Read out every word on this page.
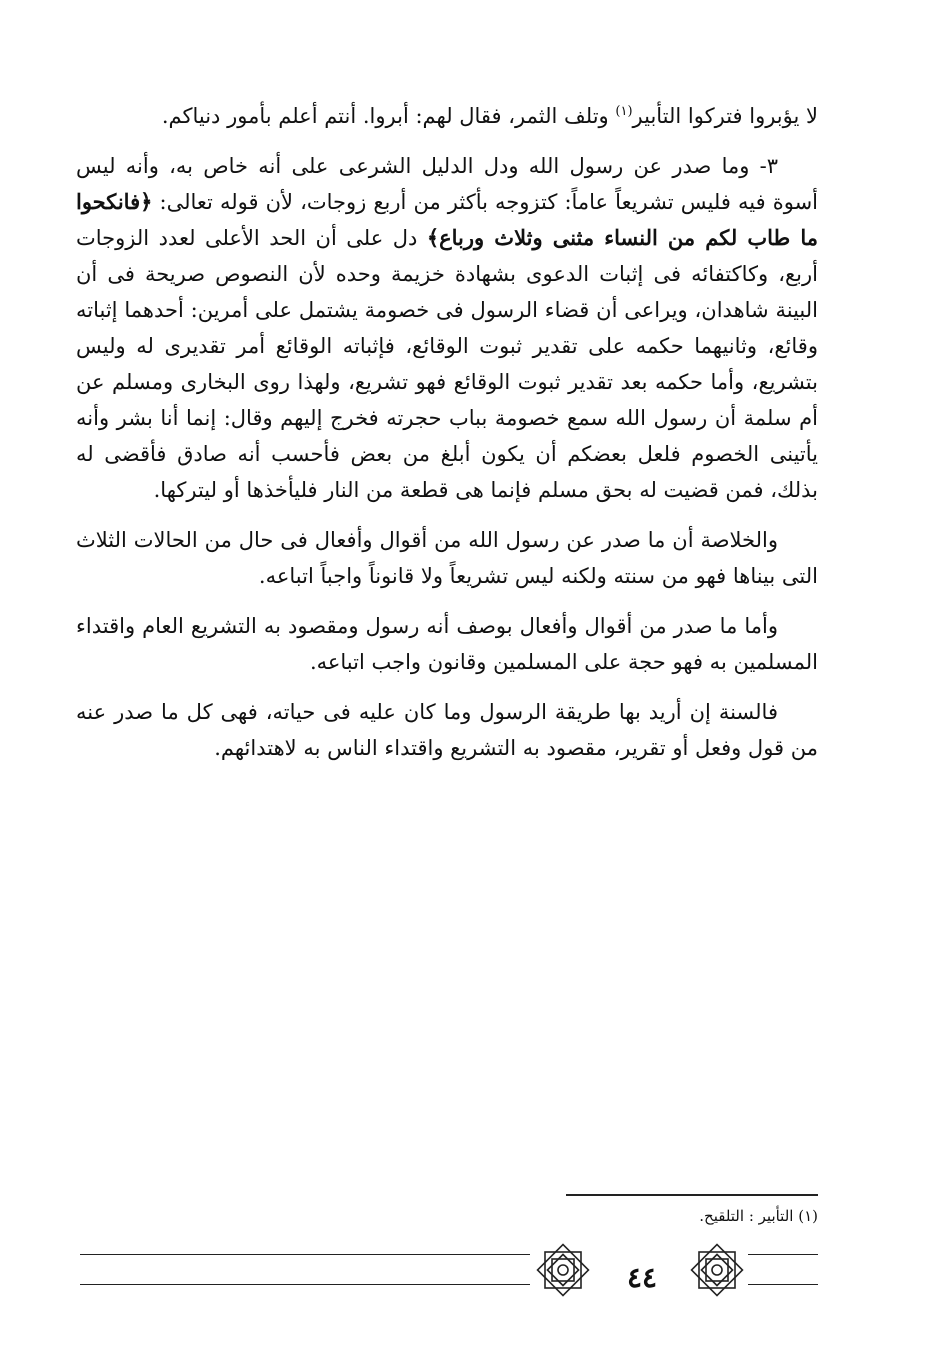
لا يؤبروا فتركوا التأبير$^{(١)}$ وتلف الثمر، فقال لهم: أبروا. أنتم أعلم بأمور دنياكم.

٣- وما صدر عن رسول الله ودل الدليل الشرعى على أنه خاص به، وأنه ليس أسوة فيه فليس تشريعاً عاماً: كتزوجه بأكثر من أربع زوجات، لأن قوله تعالى: ﴿فانكحوا ما طاب لكم من النساء مثنى وثلاث ورباع﴾ دل على أن الحد الأعلى لعدد الزوجات أربع، وكاكتفائه فى إثبات الدعوى بشهادة خزيمة وحده لأن النصوص صريحة فى أن البينة شاهدان، ويراعى أن قضاء الرسول فى خصومة يشتمل على أمرين: أحدهما إثباته وقائع، وثانيهما حكمه على تقدير ثبوت الوقائع، فإثباته الوقائع أمر تقديرى له وليس بتشريع، وأما حكمه بعد تقدير ثبوت الوقائع فهو تشريع، ولهذا روى البخارى ومسلم عن أم سلمة أن رسول الله سمع خصومة بباب حجرته فخرج إليهم وقال: إنما أنا بشر وأنه يأتينى الخصوم فلعل بعضكم أن يكون أبلغ من بعض فأحسب أنه صادق فأقضى له بذلك، فمن قضيت له بحق مسلم فإنما هى قطعة من النار فليأخذها أو ليتركها.

والخلاصة أن ما صدر عن رسول الله من أقوال وأفعال فى حال من الحالات الثلاث التى بيناها فهو من سنته ولكنه ليس تشريعاً ولا قانوناً واجباً اتباعه.

وأما ما صدر من أقوال وأفعال بوصف أنه رسول ومقصود به التشريع العام واقتداء المسلمين به فهو حجة على المسلمين وقانون واجب اتباعه.

فالسنة إن أريد بها طريقة الرسول وما كان عليه فى حياته، فهى كل ما صدر عنه من قول وفعل أو تقرير، مقصود به التشريع واقتداء الناس به لاهتدائهم.

(١) التأبير : التلقيح.
٤٤
